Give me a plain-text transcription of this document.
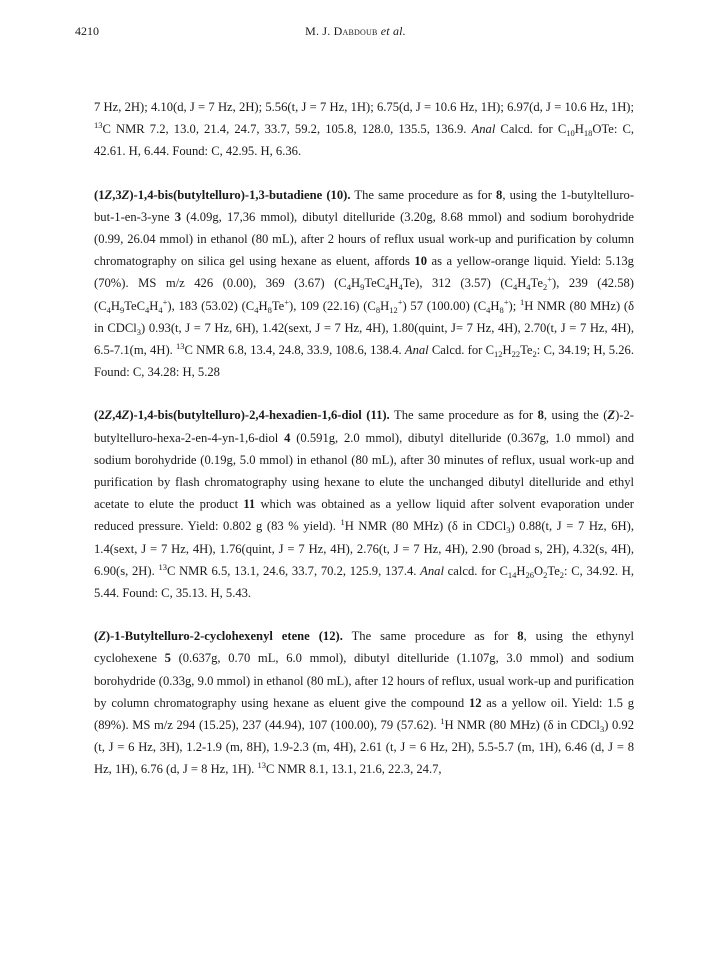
4210	M. J. Dabdoub et al.

7 Hz, 2H); 4.10(d, J = 7 Hz, 2H); 5.56(t, J = 7 Hz, 1H); 6.75(d, J = 10.6 Hz, 1H); 6.97(d, J = 10.6 Hz, 1H); $^{13}$C NMR 7.2, 13.0, 21.4, 24.7, 33.7, 59.2, 105.8, 128.0, 135.5, 136.9. Anal Calcd. for $C_{10}H_{18}OTe$: C, 42.61. H, 6.44. Found: C, 42.95. H, 6.36.

(1Z,3Z)-1,4-bis(butyltelluro)-1,3-butadiene (10). The same procedure as for 8, using the 1-butyltelluro-but-1-en-3-yne 3 (4.09g, 17,36 mmol), dibutyl ditelluride (3.20g, 8.68 mmol) and sodium borohydride (0.99, 26.04 mmol) in ethanol (80 mL), after 2 hours of reflux usual work-up and purification by column chromatography on silica gel using hexane as eluent, affords 10 as a yellow-orange liquid. Yield: 5.13g (70%). MS m/z 426 (0.00), 369 (3.67) $(C_4H_9TeC_4H_4Te)$, 312 (3.57) $(C_4H_4Te_2^+)$, 239 (42.58) $(C_4H_9TeC_4H_4^+)$, 183 (53.02) $(C_4H_8Te^+)$, 109 (22.16) $(C_8H_{12}^+)$ 57 (100.00) $(C_4H_8^+)$; $^1$H NMR (80 MHz) (δ in CDCl$_3$) 0.93(t, J = 7 Hz, 6H), 1.42(sext, J = 7 Hz, 4H), 1.80(quint, J= 7 Hz, 4H), 2.70(t, J = 7 Hz, 4H), 6.5-7.1(m, 4H). $^{13}$C NMR 6.8, 13.4, 24.8, 33.9, 108.6, 138.4. Anal Calcd. for $C_{12}H_{22}Te_2$: C, 34.19; H, 5.26. Found: C, 34.28: H, 5.28

(2Z,4Z)-1,4-bis(butyltelluro)-2,4-hexadien-1,6-diol (11). The same procedure as for 8, using the (Z)-2-butyltelluro-hexa-2-en-4-yn-1,6-diol 4 (0.591g, 2.0 mmol), dibutyl ditelluride (0.367g, 1.0 mmol) and sodium borohydride (0.19g, 5.0 mmol) in ethanol (80 mL), after 30 minutes of reflux, usual work-up and purification by flash chromatography using hexane to elute the unchanged dibutyl ditelluride and ethyl acetate to elute the product 11 which was obtained as a yellow liquid after solvent evaporation under reduced pressure. Yield: 0.802 g (83 % yield). $^1$H NMR (80 MHz) (δ in CDCl$_3$) 0.88(t, J = 7 Hz, 6H), 1.4(sext, J = 7 Hz, 4H), 1.76(quint, J = 7 Hz, 4H), 2.76(t, J = 7 Hz, 4H), 2.90 (broad s, 2H), 4.32(s, 4H), 6.90(s, 2H). $^{13}$C NMR 6.5, 13.1, 24.6, 33.7, 70.2, 125.9, 137.4. Anal calcd. for $C_{14}H_{26}O_2Te_2$: C, 34.92. H, 5.44. Found: C, 35.13. H, 5.43.

(Z)-1-Butyltelluro-2-cyclohexenyl etene (12). The same procedure as for 8, using the ethynyl cyclohexene 5 (0.637g, 0.70 mL, 6.0 mmol), dibutyl ditelluride (1.107g, 3.0 mmol) and sodium borohydride (0.33g, 9.0 mmol) in ethanol (80 mL), after 12 hours of reflux, usual work-up and purification by column chromatography using hexane as eluent give the compound 12 as a yellow oil. Yield: 1.5 g (89%). MS m/z 294 (15.25), 237 (44.94), 107 (100.00), 79 (57.62). $^1$H NMR (80 MHz) (δ in CDCl$_3$) 0.92 (t, J = 6 Hz, 3H), 1.2-1.9 (m, 8H), 1.9-2.3 (m, 4H), 2.61 (t, J = 6 Hz, 2H), 5.5-5.7 (m, 1H), 6.46 (d, J = 8 Hz, 1H), 6.76 (d, J = 8 Hz, 1H). $^{13}$C NMR 8.1, 13.1, 21.6, 22.3, 24.7,
